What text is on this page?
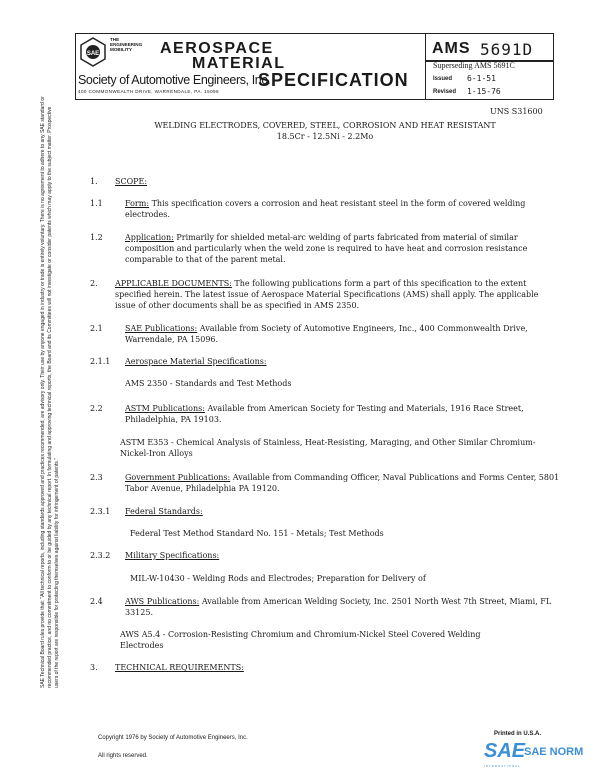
SAE
THE
ENGINEERING
MOBILITY	AEROSPACE
MATERIAL
SPECIFICATION
Society of Automotive Engineers, Inc.
400 COMMONWEALTH DRIVE, WARRENDALE, PA. 15096
AMS 5691D
Superseding AMS 5691C
Issued 6-1-51
Revised 1-15-76
SAE Technical Board rules provide that: "All technical reports, including standards approved and practices recommended, are advisory only. Their use by anyone engaged in industry or trade is entirely voluntary. There is no agreement to adhere to any SAE standard or recommended practice, and no commitment to conform to or be guided by any technical report. In formulating and approving technical reports, the Board and its Committees will not investigate or consider patents which may apply to the subject matter. Prospective users of the report are responsible for protecting themselves against liability for infringement of patents."
UNS S31600
WELDING ELECTRODES, COVERED, STEEL, CORROSION AND HEAT RESISTANT
18.5Cr - 12.5Ni - 2.2Mo
1. SCOPE:
1.1	Form: This specification covers a corrosion and heat resistant steel in the form of covered welding electrodes.
1.2	Application: Primarily for shielded metal-arc welding of parts fabricated from material of similar composition and particularly when the weld zone is required to have heat and corrosion resistance comparable to that of the parent metal.
2. APPLICABLE DOCUMENTS: The following publications form a part of this specification to the extent specified herein. The latest issue of Aerospace Material Specifications (AMS) shall apply. The applicable issue of other documents shall be as specified in AMS 2350.
2.1	SAE Publications: Available from Society of Automotive Engineers, Inc., 400 Commonwealth Drive, Warrendale, PA 15096.
2.1.1 Aerospace Material Specifications:
AMS 2350 - Standards and Test Methods
2.2	ASTM Publications: Available from American Society for Testing and Materials, 1916 Race Street, Philadelphia, PA 19103.
ASTM E353 - Chemical Analysis of Stainless, Heat-Resisting, Maraging, and Other Similar Chromium-Nickel-Iron Alloys
2.3	Government Publications: Available from Commanding Officer, Naval Publications and Forms Center, 5801 Tabor Avenue, Philadelphia PA 19120.
2.3.1 Federal Standards:
Federal Test Method Standard No. 151 - Metals; Test Methods
2.3.2 Military Specifications:
MIL-W-10430 - Welding Rods and Electrodes; Preparation for Delivery of
2.4	AWS Publications: Available from American Welding Society, Inc. 2501 North West 7th Street, Miami, FL 33125.
AWS A5.4 - Corrosion-Resisting Chromium and Chromium-Nickel Steel Covered Welding Electrodes
3. TECHNICAL REQUIREMENTS:
Copyright 1976 by Society of Automotive Engineers, Inc.
All rights reserved.
Printed in U.S.A.
SAE
SAE NORM
INTERNATIONAL
